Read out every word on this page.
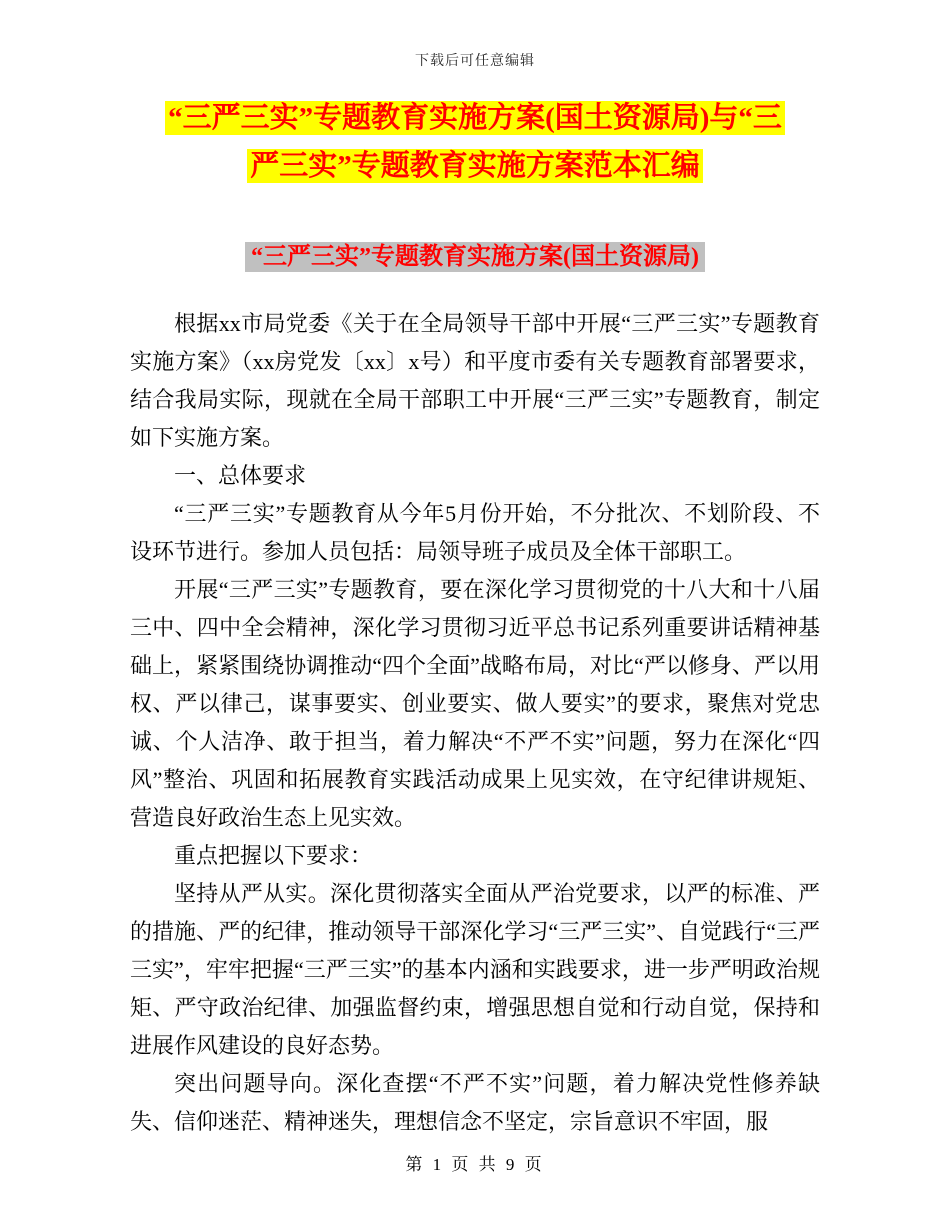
下载后可任意编辑
“三严三实”专题教育实施方案(国土资源局)与“三
严三实”专题教育实施方案范本汇编
“三严三实”专题教育实施方案(国土资源局)

根据xx市局党委《关于在全局领导干部中开展“三严三实”专题教育实施方案》（xx房党发〔xx〕x号）和平度市委有关专题教育部署要求，结合我局实际，现就在全局干部职工中开展“三严三实”专题教育，制定如下实施方案。

一、总体要求

“三严三实”专题教育从今年5月份开始，不分批次、不划阶段、不设环节进行。参加人员包括：局领导班子成员及全体干部职工。

开展“三严三实”专题教育，要在深化学习贯彻党的十八大和十八届三中、四中全会精神，深化学习贯彻习近平总书记系列重要讲话精神基础上，紧紧围绕协调推动“四个全面”战略布局，对比“严以修身、严以用权、严以律己，谋事要实、创业要实、做人要实”的要求，聚焦对党忠诚、个人洁净、敢于担当，着力解决“不严不实”问题，努力在深化“四风”整治、巩固和拓展教育实践活动成果上见实效，在守纪律讲规矩、营造良好政治生态上见实效。

重点把握以下要求：

坚持从严从实。深化贯彻落实全面从严治党要求，以严的标准、严的措施、严的纪律，推动领导干部深化学习“三严三实”、自觉践行“三严三实”，牢牢把握“三严三实”的基本内涵和实践要求，进一步严明政治规矩、严守政治纪律、加强监督约束，增强思想自觉和行动自觉，保持和进展作风建设的良好态势。

突出问题导向。深化查摆“不严不实”问题，着力解决党性修养缺失、信仰迷茫、精神迷失，理想信念不坚定，宗旨意识不牢固，服

第 1 页 共 9 页
